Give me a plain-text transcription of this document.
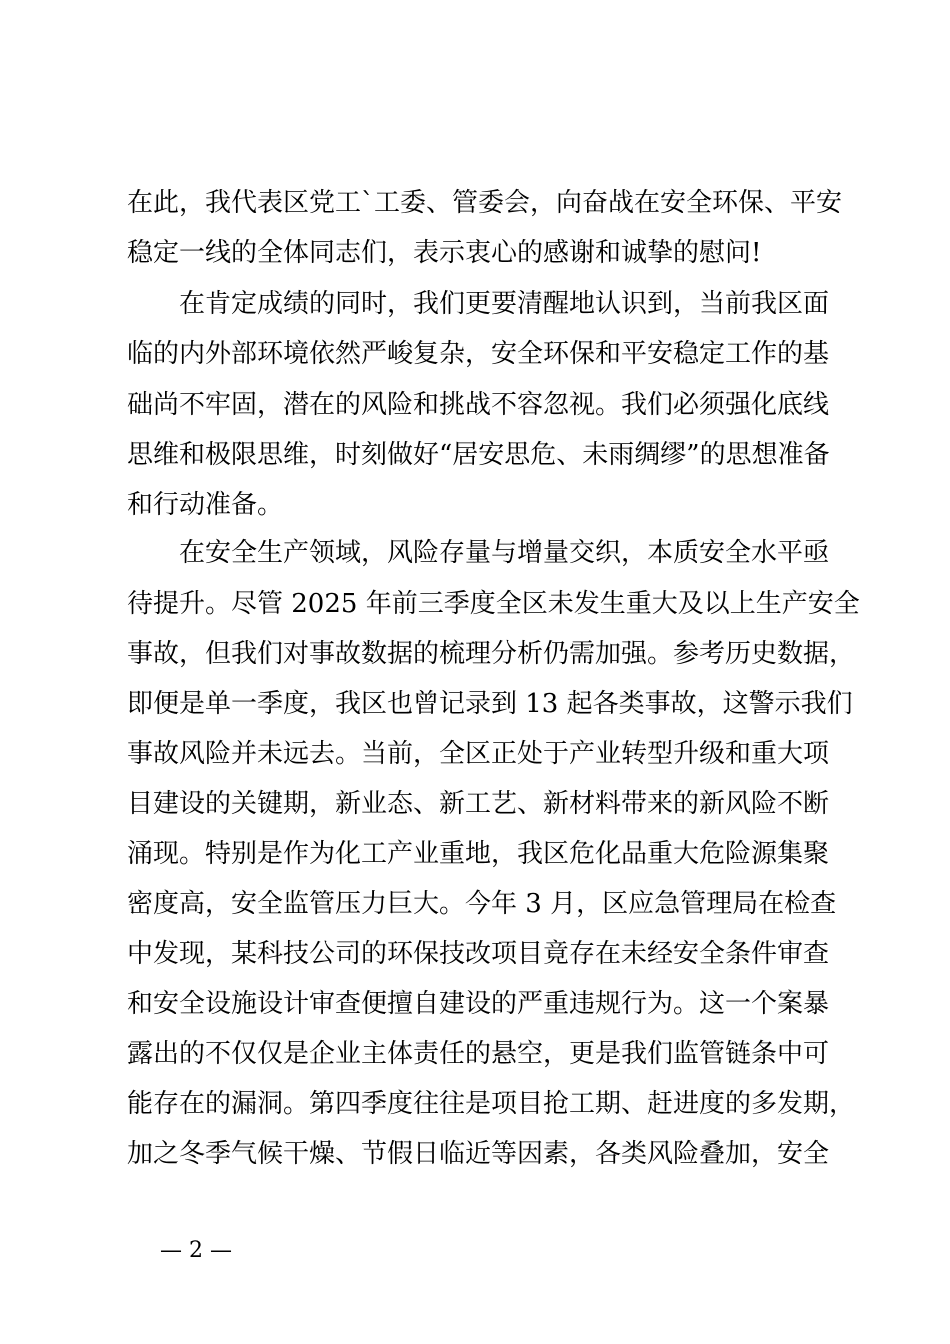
在此，我代表区党工`工委、管委会，向奋战在安全环保、平安
稳定一线的全体同志们，表示衷心的感谢和诚挚的慰问!
在肯定成绩的同时，我们更要清醒地认识到，当前我区面
临的内外部环境依然严峻复杂，安全环保和平安稳定工作的基
础尚不牢固，潜在的风险和挑战不容忽视。我们必须强化底线
思维和极限思维，时刻做好“居安思危、未雨绸缪”的思想准备
和行动准备。
在安全生产领域，风险存量与增量交织，本质安全水平亟
待提升。尽管 2025 年前三季度全区未发生重大及以上生产安全
事故，但我们对事故数据的梳理分析仍需加强。参考历史数据，
即便是单一季度，我区也曾记录到 13 起各类事故，这警示我们
事故风险并未远去。当前，全区正处于产业转型升级和重大项
目建设的关键期，新业态、新工艺、新材料带来的新风险不断
涌现。特别是作为化工产业重地，我区危化品重大危险源集聚
密度高，安全监管压力巨大。今年 3 月，区应急管理局在检查
中发现，某科技公司的环保技改项目竟存在未经安全条件审查
和安全设施设计审查便擅自建设的严重违规行为。这一个案暴
露出的不仅仅是企业主体责任的悬空，更是我们监管链条中可
能存在的漏洞。第四季度往往是项目抢工期、赶进度的多发期，
加之冬季气候干燥、节假日临近等因素，各类风险叠加，安全
— 2 —
